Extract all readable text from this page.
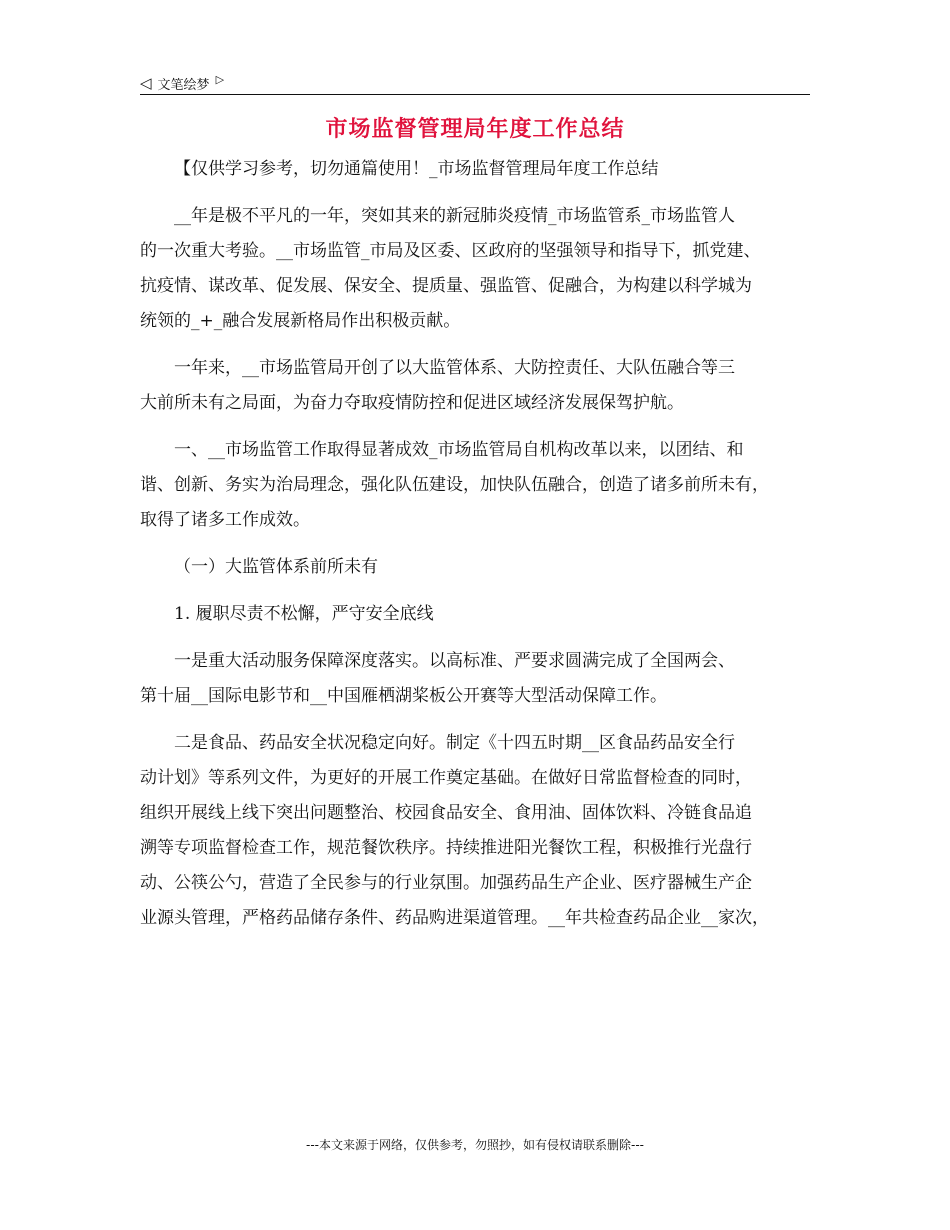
◁ 文笔绘梦 ▷
市场监督管理局年度工作总结
【仅供学习参考，切勿通篇使用！_市场监督管理局年度工作总结
__年是极不平凡的一年，突如其来的新冠肺炎疫情_市场监管系_市场监管人
的一次重大考验。__市场监管_市局及区委、区政府的坚强领导和指导下，抓党建、
抗疫情、谋改革、促发展、保安全、提质量、强监管、促融合，为构建以科学城为
统领的_+_融合发展新格局作出积极贡献。
一年来，__市场监管局开创了以大监管体系、大防控责任、大队伍融合等三
大前所未有之局面，为奋力夺取疫情防控和促进区域经济发展保驾护航。
一、__市场监管工作取得显著成效_市场监管局自机构改革以来，以团结、和
谐、创新、务实为治局理念，强化队伍建设，加快队伍融合，创造了诸多前所未有，
取得了诸多工作成效。
（一）大监管体系前所未有
1. 履职尽责不松懈，严守安全底线
一是重大活动服务保障深度落实。以高标准、严要求圆满完成了全国两会、
第十届__国际电影节和__中国雁栖湖桨板公开赛等大型活动保障工作。
二是食品、药品安全状况稳定向好。制定《十四五时期__区食品药品安全行
动计划》等系列文件，为更好的开展工作奠定基础。在做好日常监督检查的同时，
组织开展线上线下突出问题整治、校园食品安全、食用油、固体饮料、冷链食品追
溯等专项监督检查工作，规范餐饮秩序。持续推进阳光餐饮工程，积极推行光盘行
动、公筷公勺，营造了全民参与的行业氛围。加强药品生产企业、医疗器械生产企
业源头管理，严格药品储存条件、药品购进渠道管理。__年共检查药品企业__家次，
---本文来源于网络，仅供参考，勿照抄，如有侵权请联系删除---
